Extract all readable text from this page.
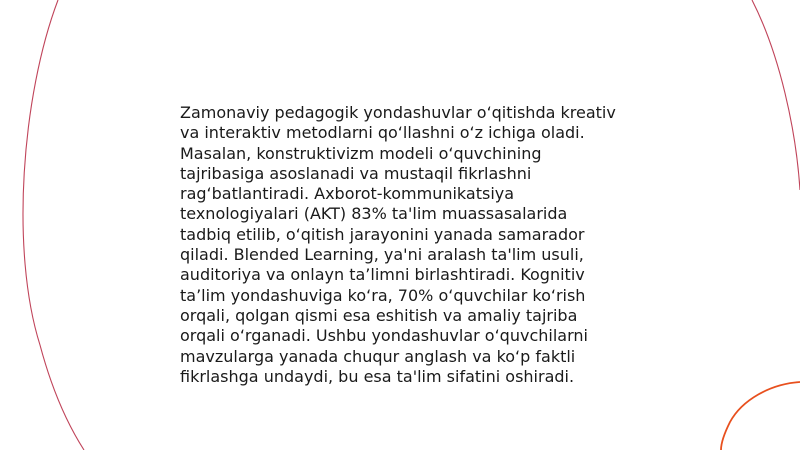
Zamonaviy pedagogik yondashuvlar o‘qitishda kreativ
va interaktiv metodlarni qo‘llashni o‘z ichiga oladi.
Masalan, konstruktivizm modeli o‘quvchining
tajribasiga asoslanadi va mustaqil fikrlashni
rag‘batlantiradi. Axborot-kommunikatsiya
texnologiyalari (AKT) 83% ta'lim muassasalarida
tadbiq etilib, o‘qitish jarayonini yanada samarador
qiladi. Blended Learning, ya'ni aralash ta'lim usuli,
auditoriya va onlayn ta’limni birlashtiradi. Kognitiv
ta’lim yondashuviga ko‘ra, 70% o‘quvchilar ko‘rish
orqali, qolgan qismi esa eshitish va amaliy tajriba
orqali o‘rganadi. Ushbu yondashuvlar o‘quvchilarni
mavzularga yanada chuqur anglash va ko‘p faktli
fikrlashga undaydi, bu esa ta'lim sifatini oshiradi.
